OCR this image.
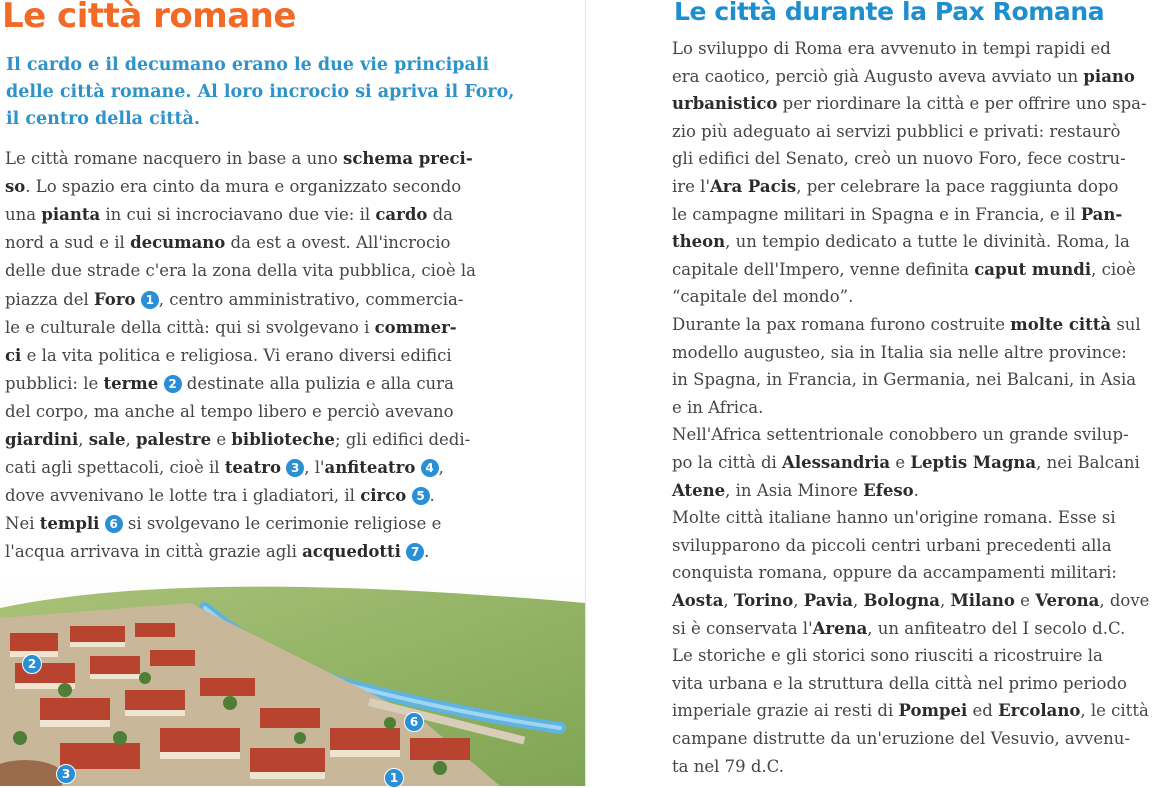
Le città romane

Il cardo e il decumano erano le due vie principali delle città romane. Al loro incrocio si apriva il Foro, il centro della città.

Le città romane nacquero in base a uno schema preci-
so. Lo spazio era cinto da mura e organizzato secondo
una pianta in cui si incrociavano due vie: il cardo da
nord a sud e il decumano da est a ovest. All'incrocio
delle due strade c'era la zona della vita pubblica, cioè la
piazza del Foro 1 , centro amministrativo, commercia-
le e culturale della città: qui si svolgevano i commer-
ci e la vita politica e religiosa. Vi erano diversi edifici
pubblici: le terme 2 destinate alla pulizia e alla cura
del corpo, ma anche al tempo libero e perciò avevano
giardini, sale, palestre e biblioteche; gli edifici dedi-
cati agli spettacoli, cioè il teatro 3 , l'anfiteatro 4 ,
dove avvenivano le lotte tra i gladiatori, il circo 5 .
Nei templi 6 si svolgevano le cerimonie religiose e
l'acqua arrivava in città grazie agli acquedotti 7 .
2
3
6
1
Le città durante la Pax Romana
Lo sviluppo di Roma era avvenuto in tempi rapidi ed
era caotico, perciò già Augusto aveva avviato un piano
urbanistico per riordinare la città e per offrire uno spa-
zio più adeguato ai servizi pubblici e privati: restaurò
gli edifici del Senato, creò un nuovo Foro, fece costru-
ire l'Ara Pacis, per celebrare la pace raggiunta dopo
le campagne militari in Spagna e in Francia, e il Pan-
theon, un tempio dedicato a tutte le divinità. Roma, la
capitale dell'Impero, venne definita caput mundi, cioè
“capitale del mondo”.
Durante la pax romana furono costruite molte città sul
modello augusteo, sia in Italia sia nelle altre province:
in Spagna, in Francia, in Germania, nei Balcani, in Asia
e in Africa.
Nell'Africa settentrionale conobbero un grande svilup-
po la città di Alessandria e Leptis Magna, nei Balcani
Atene, in Asia Minore Efeso.
Molte città italiane hanno un'origine romana. Esse si
svilupparono da piccoli centri urbani precedenti alla
conquista romana, oppure da accampamenti militari:
Aosta, Torino, Pavia, Bologna, Milano e Verona, dove
si è conservata l'Arena, un anfiteatro del I secolo d.C.
Le storiche e gli storici sono riusciti a ricostruire la
vita urbana e la struttura della città nel primo periodo
imperiale grazie ai resti di Pompei ed Ercolano, le città
campane distrutte da un'eruzione del Vesuvio, avvenu-
ta nel 79 d.C.
